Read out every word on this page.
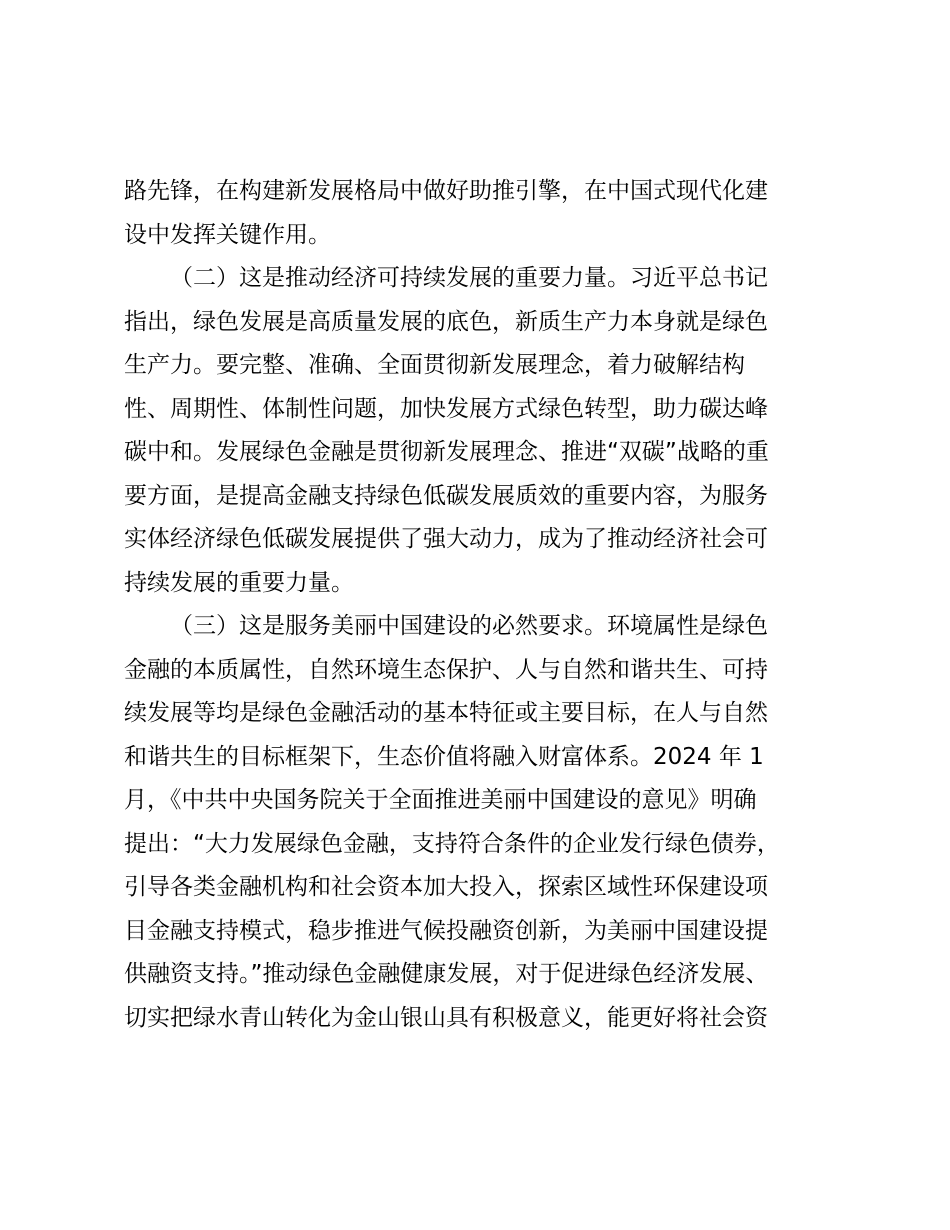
路先锋，在构建新发展格局中做好助推引擎，在中国式现代化建
设中发挥关键作用。
（二）这是推动经济可持续发展的重要力量。习近平总书记
指出，绿色发展是高质量发展的底色，新质生产力本身就是绿色
生产力。要完整、准确、全面贯彻新发展理念，着力破解结构
性、周期性、体制性问题，加快发展方式绿色转型，助力碳达峰
碳中和。发展绿色金融是贯彻新发展理念、推进“双碳”战略的重
要方面，是提高金融支持绿色低碳发展质效的重要内容，为服务
实体经济绿色低碳发展提供了强大动力，成为了推动经济社会可
持续发展的重要力量。
（三）这是服务美丽中国建设的必然要求。环境属性是绿色
金融的本质属性，自然环境生态保护、人与自然和谐共生、可持
续发展等均是绿色金融活动的基本特征或主要目标，在人与自然
和谐共生的目标框架下，生态价值将融入财富体系。2024 年 1
月，《中共中央国务院关于全面推进美丽中国建设的意见》明确
提出：“大力发展绿色金融，支持符合条件的企业发行绿色债券，
引导各类金融机构和社会资本加大投入，探索区域性环保建设项
目金融支持模式，稳步推进气候投融资创新，为美丽中国建设提
供融资支持。”推动绿色金融健康发展，对于促进绿色经济发展、
切实把绿水青山转化为金山银山具有积极意义，能更好将社会资
